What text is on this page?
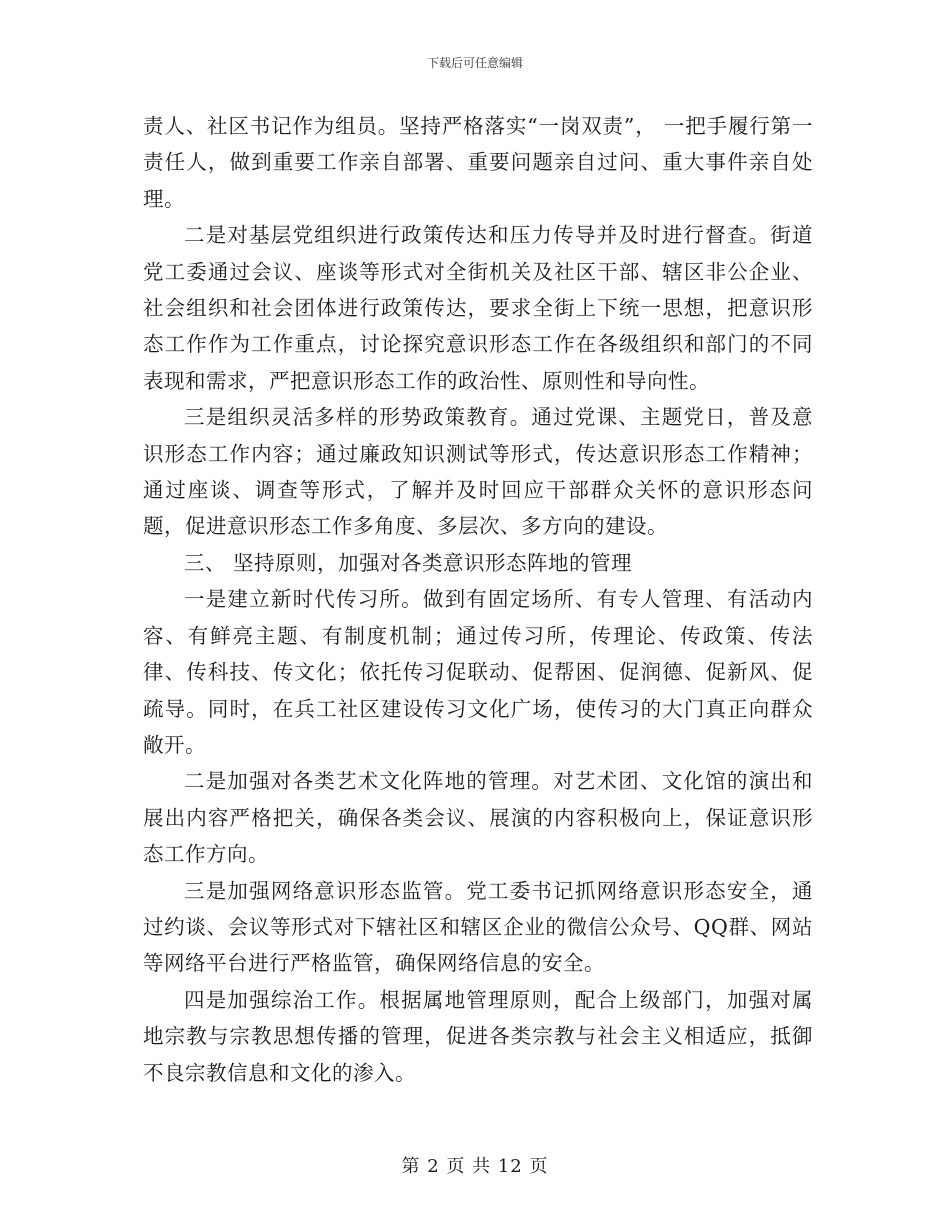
下载后可任意编辑

责人、社区书记作为组员。坚持严格落实“一岗双责”， 一把手履行第一责任人，做到重要工作亲自部署、重要问题亲自过问、重大事件亲自处理。

二是对基层党组织进行政策传达和压力传导并及时进行督查。街道党工委通过会议、座谈等形式对全街机关及社区干部、辖区非公企业、社会组织和社会团体进行政策传达，要求全街上下统一思想，把意识形态工作作为工作重点，讨论探究意识形态工作在各级组织和部门的不同表现和需求，严把意识形态工作的政治性、原则性和导向性。

三是组织灵活多样的形势政策教育。通过党课、主题党日，普及意识形态工作内容；通过廉政知识测试等形式，传达意识形态工作精神；通过座谈、调查等形式，了解并及时回应干部群众关怀的意识形态问题，促进意识形态工作多角度、多层次、多方向的建设。

三、 坚持原则，加强对各类意识形态阵地的管理

一是建立新时代传习所。做到有固定场所、有专人管理、有活动内容、有鲜亮主题、有制度机制；通过传习所，传理论、传政策、传法律、传科技、传文化；依托传习促联动、促帮困、促润德、促新风、促疏导。同时，在兵工社区建设传习文化广场，使传习的大门真正向群众敞开。

二是加强对各类艺术文化阵地的管理。对艺术团、文化馆的演出和展出内容严格把关，确保各类会议、展演的内容积极向上，保证意识形态工作方向。

三是加强网络意识形态监管。党工委书记抓网络意识形态安全，通过约谈、会议等形式对下辖社区和辖区企业的微信公众号、QQ群、网站等网络平台进行严格监管，确保网络信息的安全。

四是加强综治工作。根据属地管理原则，配合上级部门，加强对属地宗教与宗教思想传播的管理，促进各类宗教与社会主义相适应，抵御不良宗教信息和文化的渗入。

第 2 页 共 12 页
